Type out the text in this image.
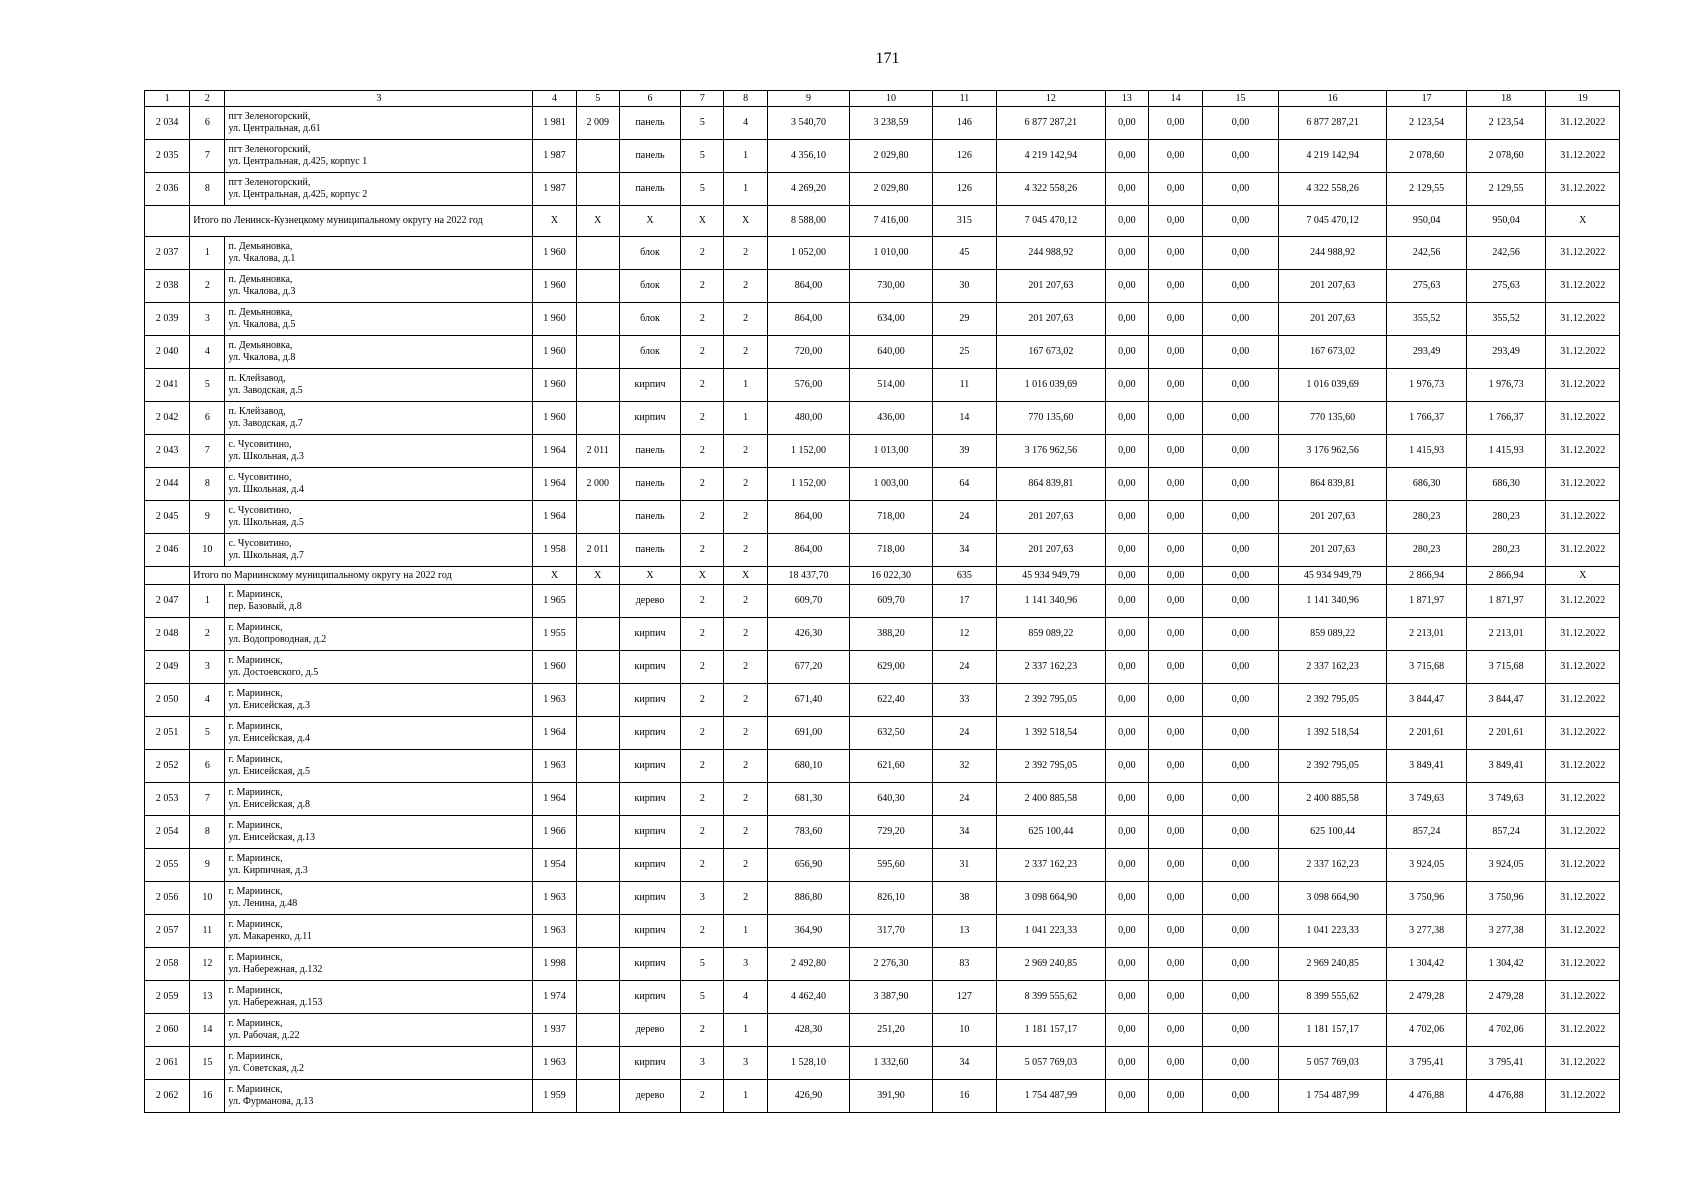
171
1	2	3	4	5	6	7	8	9	10	11	12	13	14	15	16	17	18	19
2 034	6	пгт Зеленогорский,
ул. Центральная, д.61	1 981	2 009	панель	5	4	3 540,70	3 238,59	146	6 877 287,21	0,00	0,00	0,00	6 877 287,21	2 123,54	2 123,54	31.12.2022
2 035	7	пгт Зеленогорский,
ул. Центральная, д.425, корпус 1	1 987		панель	5	1	4 356,10	2 029,80	126	4 219 142,94	0,00	0,00	0,00	4 219 142,94	2 078,60	2 078,60	31.12.2022
2 036	8	пгт Зеленогорский,
ул. Центральная, д.425, корпус 2	1 987		панель	5	1	4 269,20	2 029,80	126	4 322 558,26	0,00	0,00	0,00	4 322 558,26	2 129,55	2 129,55	31.12.2022
	Итого по Ленинск-Кузнецкому муниципальному округу на 2022 год		X	X	X	X	X	8 588,00	7 416,00	315	7 045 470,12	0,00	0,00	0,00	7 045 470,12	950,04	950,04	X
2 037	1	п. Демьяновка,
ул. Чкалова, д.1	1 960		блок	2	2	1 052,00	1 010,00	45	244 988,92	0,00	0,00	0,00	244 988,92	242,56	242,56	31.12.2022
2 038	2	п. Демьяновка,
ул. Чкалова, д.3	1 960		блок	2	2	864,00	730,00	30	201 207,63	0,00	0,00	0,00	201 207,63	275,63	275,63	31.12.2022
2 039	3	п. Демьяновка,
ул. Чкалова, д.5	1 960		блок	2	2	864,00	634,00	29	201 207,63	0,00	0,00	0,00	201 207,63	355,52	355,52	31.12.2022
2 040	4	п. Демьяновка,
ул. Чкалова, д.8	1 960		блок	2	2	720,00	640,00	25	167 673,02	0,00	0,00	0,00	167 673,02	293,49	293,49	31.12.2022
2 041	5	п. Клейзавод,
ул. Заводская, д.5	1 960		кирпич	2	1	576,00	514,00	11	1 016 039,69	0,00	0,00	0,00	1 016 039,69	1 976,73	1 976,73	31.12.2022
2 042	6	п. Клейзавод,
ул. Заводская, д.7	1 960		кирпич	2	1	480,00	436,00	14	770 135,60	0,00	0,00	0,00	770 135,60	1 766,37	1 766,37	31.12.2022
2 043	7	с. Чусовитино,
ул. Школьная, д.3	1 964	2 011	панель	2	2	1 152,00	1 013,00	39	3 176 962,56	0,00	0,00	0,00	3 176 962,56	1 415,93	1 415,93	31.12.2022
2 044	8	с. Чусовитино,
ул. Школьная, д.4	1 964	2 000	панель	2	2	1 152,00	1 003,00	64	864 839,81	0,00	0,00	0,00	864 839,81	686,30	686,30	31.12.2022
2 045	9	с. Чусовитино,
ул. Школьная, д.5	1 964		панель	2	2	864,00	718,00	24	201 207,63	0,00	0,00	0,00	201 207,63	280,23	280,23	31.12.2022
2 046	10	с. Чусовитино,
ул. Школьная, д.7	1 958	2 011	панель	2	2	864,00	718,00	34	201 207,63	0,00	0,00	0,00	201 207,63	280,23	280,23	31.12.2022
	Итого по Мариинскому муниципальному округу на 2022 год		X	X	X	X	X	18 437,70	16 022,30	635	45 934 949,79	0,00	0,00	0,00	45 934 949,79	2 866,94	2 866,94	X
2 047	1	г. Мариинск,
пер. Базовый, д.8	1 965		дерево	2	2	609,70	609,70	17	1 141 340,96	0,00	0,00	0,00	1 141 340,96	1 871,97	1 871,97	31.12.2022
2 048	2	г. Мариинск,
ул. Водопроводная, д.2	1 955		кирпич	2	2	426,30	388,20	12	859 089,22	0,00	0,00	0,00	859 089,22	2 213,01	2 213,01	31.12.2022
2 049	3	г. Мариинск,
ул. Достоевского, д.5	1 960		кирпич	2	2	677,20	629,00	24	2 337 162,23	0,00	0,00	0,00	2 337 162,23	3 715,68	3 715,68	31.12.2022
2 050	4	г. Мариинск,
ул. Енисейская, д.3	1 963		кирпич	2	2	671,40	622,40	33	2 392 795,05	0,00	0,00	0,00	2 392 795,05	3 844,47	3 844,47	31.12.2022
2 051	5	г. Мариинск,
ул. Енисейская, д.4	1 964		кирпич	2	2	691,00	632,50	24	1 392 518,54	0,00	0,00	0,00	1 392 518,54	2 201,61	2 201,61	31.12.2022
2 052	6	г. Мариинск,
ул. Енисейская, д.5	1 963		кирпич	2	2	680,10	621,60	32	2 392 795,05	0,00	0,00	0,00	2 392 795,05	3 849,41	3 849,41	31.12.2022
2 053	7	г. Мариинск,
ул. Енисейская, д.8	1 964		кирпич	2	2	681,30	640,30	24	2 400 885,58	0,00	0,00	0,00	2 400 885,58	3 749,63	3 749,63	31.12.2022
2 054	8	г. Мариинск,
ул. Енисейская, д.13	1 966		кирпич	2	2	783,60	729,20	34	625 100,44	0,00	0,00	0,00	625 100,44	857,24	857,24	31.12.2022
2 055	9	г. Мариинск,
ул. Кирпичная, д.3	1 954		кирпич	2	2	656,90	595,60	31	2 337 162,23	0,00	0,00	0,00	2 337 162,23	3 924,05	3 924,05	31.12.2022
2 056	10	г. Мариинск,
ул. Ленина, д.48	1 963		кирпич	3	2	886,80	826,10	38	3 098 664,90	0,00	0,00	0,00	3 098 664,90	3 750,96	3 750,96	31.12.2022
2 057	11	г. Мариинск,
ул. Макаренко, д.11	1 963		кирпич	2	1	364,90	317,70	13	1 041 223,33	0,00	0,00	0,00	1 041 223,33	3 277,38	3 277,38	31.12.2022
2 058	12	г. Мариинск,
ул. Набережная, д.132	1 998		кирпич	5	3	2 492,80	2 276,30	83	2 969 240,85	0,00	0,00	0,00	2 969 240,85	1 304,42	1 304,42	31.12.2022
2 059	13	г. Мариинск,
ул. Набережная, д.153	1 974		кирпич	5	4	4 462,40	3 387,90	127	8 399 555,62	0,00	0,00	0,00	8 399 555,62	2 479,28	2 479,28	31.12.2022
2 060	14	г. Мариинск,
ул. Рабочая, д.22	1 937		дерево	2	1	428,30	251,20	10	1 181 157,17	0,00	0,00	0,00	1 181 157,17	4 702,06	4 702,06	31.12.2022
2 061	15	г. Мариинск,
ул. Советская, д.2	1 963		кирпич	3	3	1 528,10	1 332,60	34	5 057 769,03	0,00	0,00	0,00	5 057 769,03	3 795,41	3 795,41	31.12.2022
2 062	16	г. Мариинск,
ул. Фурманова, д.13	1 959		дерево	2	1	426,90	391,90	16	1 754 487,99	0,00	0,00	0,00	1 754 487,99	4 476,88	4 476,88	31.12.2022
